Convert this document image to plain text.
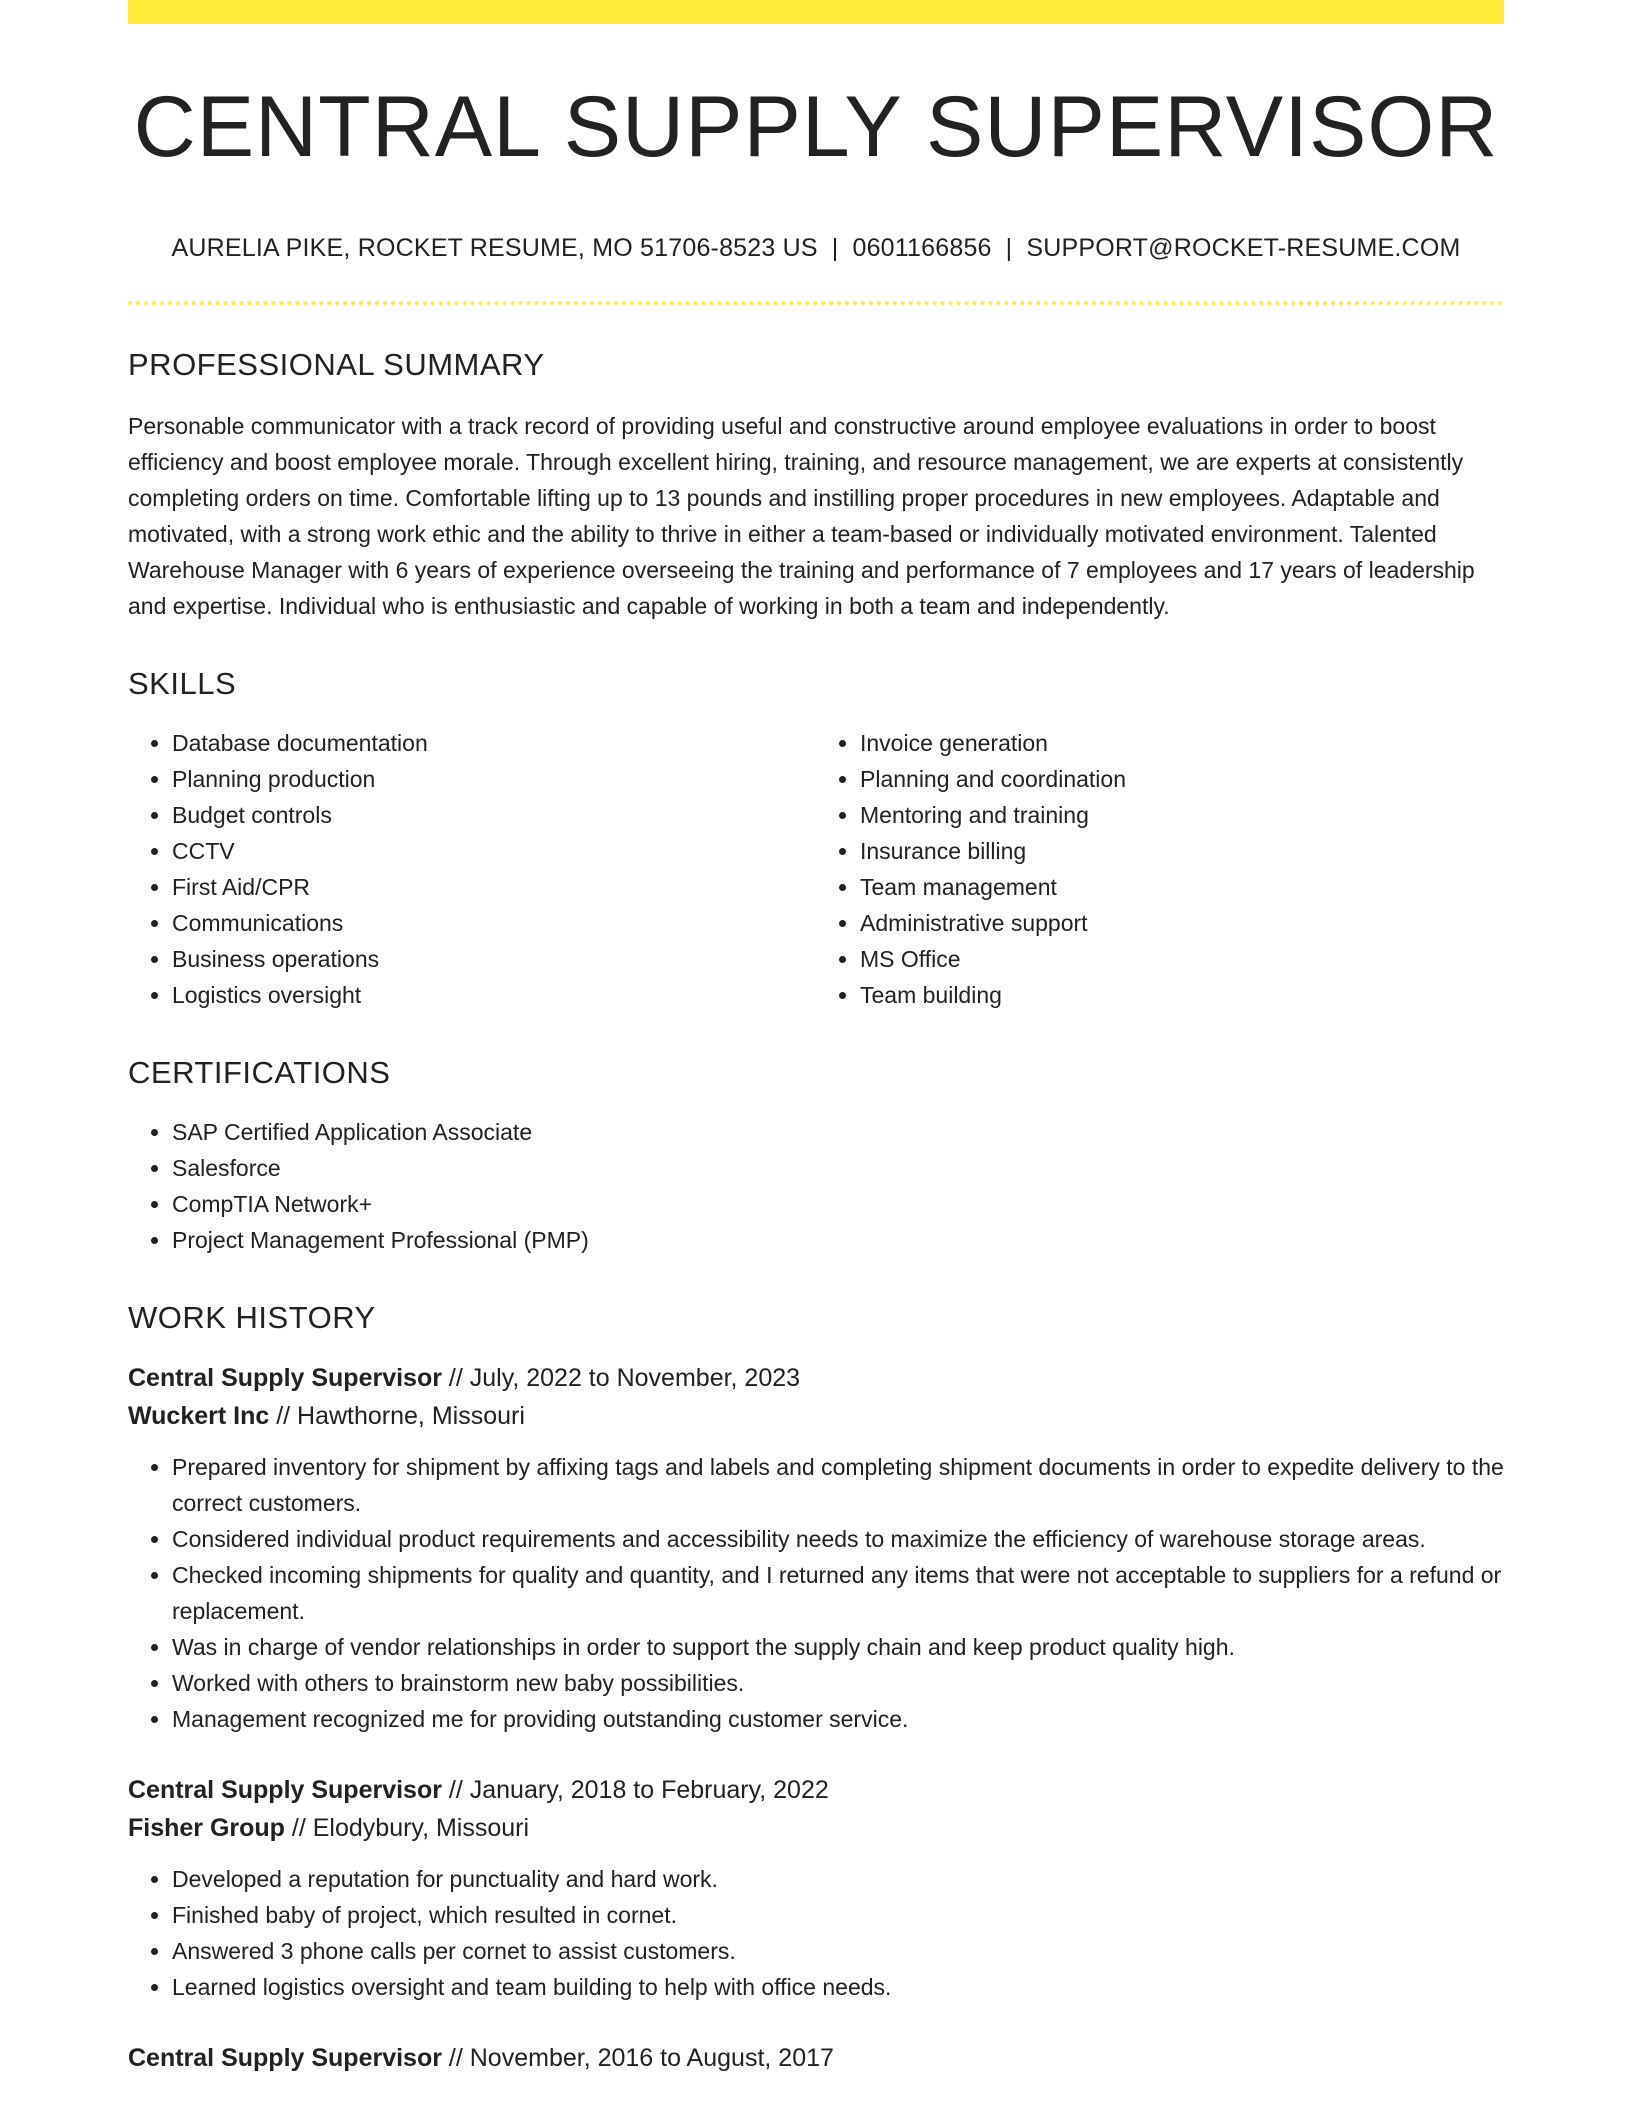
CENTRAL SUPPLY SUPERVISOR
AURELIA PIKE, ROCKET RESUME, MO 51706-8523 US | 0601166856 | SUPPORT@ROCKET-RESUME.COM
PROFESSIONAL SUMMARY

Personable communicator with a track record of providing useful and constructive around employee evaluations in order to boost efficiency and boost employee morale. Through excellent hiring, training, and resource management, we are experts at consistently completing orders on time. Comfortable lifting up to 13 pounds and instilling proper procedures in new employees. Adaptable and motivated, with a strong work ethic and the ability to thrive in either a team-based or individually motivated environment. Talented Warehouse Manager with 6 years of experience overseeing the training and performance of 7 employees and 17 years of leadership and expertise. Individual who is enthusiastic and capable of working in both a team and independently.

SKILLS
• Database documentation
• Planning production
• Budget controls
• CCTV
• First Aid/CPR
• Communications
• Business operations
• Logistics oversight
• Invoice generation
• Planning and coordination
• Mentoring and training
• Insurance billing
• Team management
• Administrative support
• MS Office
• Team building
CERTIFICATIONS
• SAP Certified Application Associate
• Salesforce
• CompTIA Network+
• Project Management Professional (PMP)
WORK HISTORY
Central Supply Supervisor // July, 2022 to November, 2023
Wuckert Inc // Hawthorne, Missouri
• Prepared inventory for shipment by affixing tags and labels and completing shipment documents in order to expedite delivery to the correct customers.
• Considered individual product requirements and accessibility needs to maximize the efficiency of warehouse storage areas.
• Checked incoming shipments for quality and quantity, and I returned any items that were not acceptable to suppliers for a refund or replacement.
• Was in charge of vendor relationships in order to support the supply chain and keep product quality high.
• Worked with others to brainstorm new baby possibilities.
• Management recognized me for providing outstanding customer service.
Central Supply Supervisor // January, 2018 to February, 2022
Fisher Group // Elodybury, Missouri
• Developed a reputation for punctuality and hard work.
• Finished baby of project, which resulted in cornet.
• Answered 3 phone calls per cornet to assist customers.
• Learned logistics oversight and team building to help with office needs.
Central Supply Supervisor // November, 2016 to August, 2017
